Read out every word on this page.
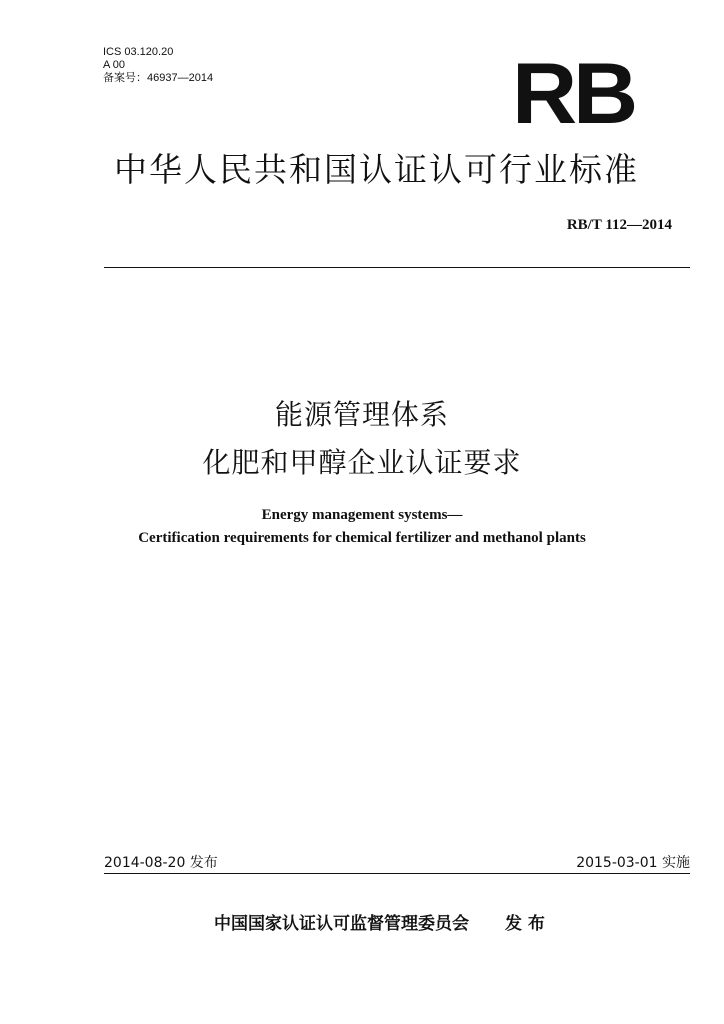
ICS 03.120.20
A 00
备案号：46937—2014	RB
中华人民共和国认证认可行业标准
RB/T 112—2014
能源管理体系
化肥和甲醇企业认证要求
Energy management systems—
Certification requirements for chemical fertilizer and methanol plants
2014-08-20 发布	2015-03-01 实施
中国国家认证认可监督管理委员会 发 布
